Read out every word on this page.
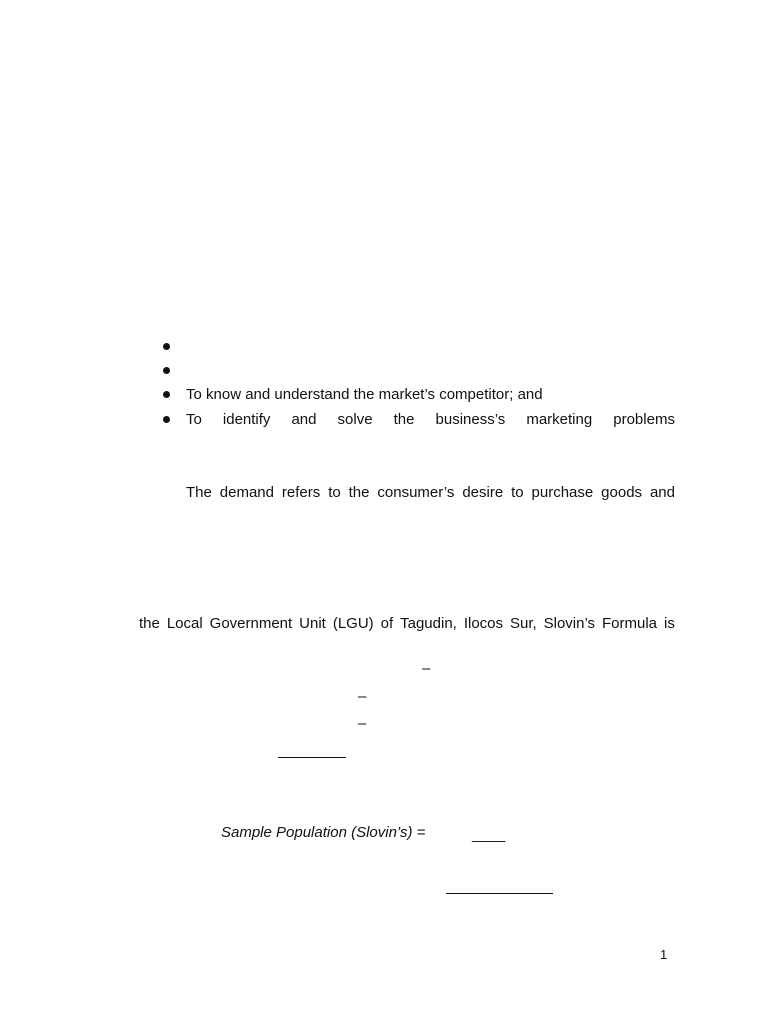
To know and understand the market’s competitor; and
To identify and solve the business’s marketing problems
The demand refers to the consumer’s desire to purchase goods and
the Local Government Unit (LGU) of Tagudin, Ilocos Sur, Slovin’s Formula is
–
–
–
Sample Population (Slovin’s) =	____
1
